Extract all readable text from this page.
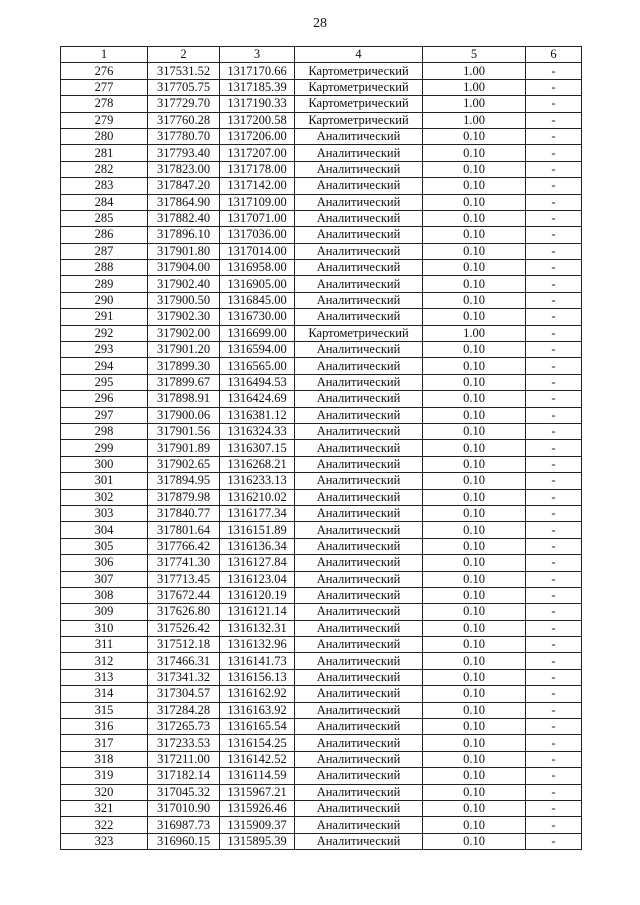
28
1	2	3	4	5	6
276	317531.52	1317170.66	Картометрический	1.00	-
277	317705.75	1317185.39	Картометрический	1.00	-
278	317729.70	1317190.33	Картометрический	1.00	-
279	317760.28	1317200.58	Картометрический	1.00	-
280	317780.70	1317206.00	Аналитический	0.10	-
281	317793.40	1317207.00	Аналитический	0.10	-
282	317823.00	1317178.00	Аналитический	0.10	-
283	317847.20	1317142.00	Аналитический	0.10	-
284	317864.90	1317109.00	Аналитический	0.10	-
285	317882.40	1317071.00	Аналитический	0.10	-
286	317896.10	1317036.00	Аналитический	0.10	-
287	317901.80	1317014.00	Аналитический	0.10	-
288	317904.00	1316958.00	Аналитический	0.10	-
289	317902.40	1316905.00	Аналитический	0.10	-
290	317900.50	1316845.00	Аналитический	0.10	-
291	317902.30	1316730.00	Аналитический	0.10	-
292	317902.00	1316699.00	Картометрический	1.00	-
293	317901.20	1316594.00	Аналитический	0.10	-
294	317899.30	1316565.00	Аналитический	0.10	-
295	317899.67	1316494.53	Аналитический	0.10	-
296	317898.91	1316424.69	Аналитический	0.10	-
297	317900.06	1316381.12	Аналитический	0.10	-
298	317901.56	1316324.33	Аналитический	0.10	-
299	317901.89	1316307.15	Аналитический	0.10	-
300	317902.65	1316268.21	Аналитический	0.10	-
301	317894.95	1316233.13	Аналитический	0.10	-
302	317879.98	1316210.02	Аналитический	0.10	-
303	317840.77	1316177.34	Аналитический	0.10	-
304	317801.64	1316151.89	Аналитический	0.10	-
305	317766.42	1316136.34	Аналитический	0.10	-
306	317741.30	1316127.84	Аналитический	0.10	-
307	317713.45	1316123.04	Аналитический	0.10	-
308	317672.44	1316120.19	Аналитический	0.10	-
309	317626.80	1316121.14	Аналитический	0.10	-
310	317526.42	1316132.31	Аналитический	0.10	-
311	317512.18	1316132.96	Аналитический	0.10	-
312	317466.31	1316141.73	Аналитический	0.10	-
313	317341.32	1316156.13	Аналитический	0.10	-
314	317304.57	1316162.92	Аналитический	0.10	-
315	317284.28	1316163.92	Аналитический	0.10	-
316	317265.73	1316165.54	Аналитический	0.10	-
317	317233.53	1316154.25	Аналитический	0.10	-
318	317211.00	1316142.52	Аналитический	0.10	-
319	317182.14	1316114.59	Аналитический	0.10	-
320	317045.32	1315967.21	Аналитический	0.10	-
321	317010.90	1315926.46	Аналитический	0.10	-
322	316987.73	1315909.37	Аналитический	0.10	-
323	316960.15	1315895.39	Аналитический	0.10	-
